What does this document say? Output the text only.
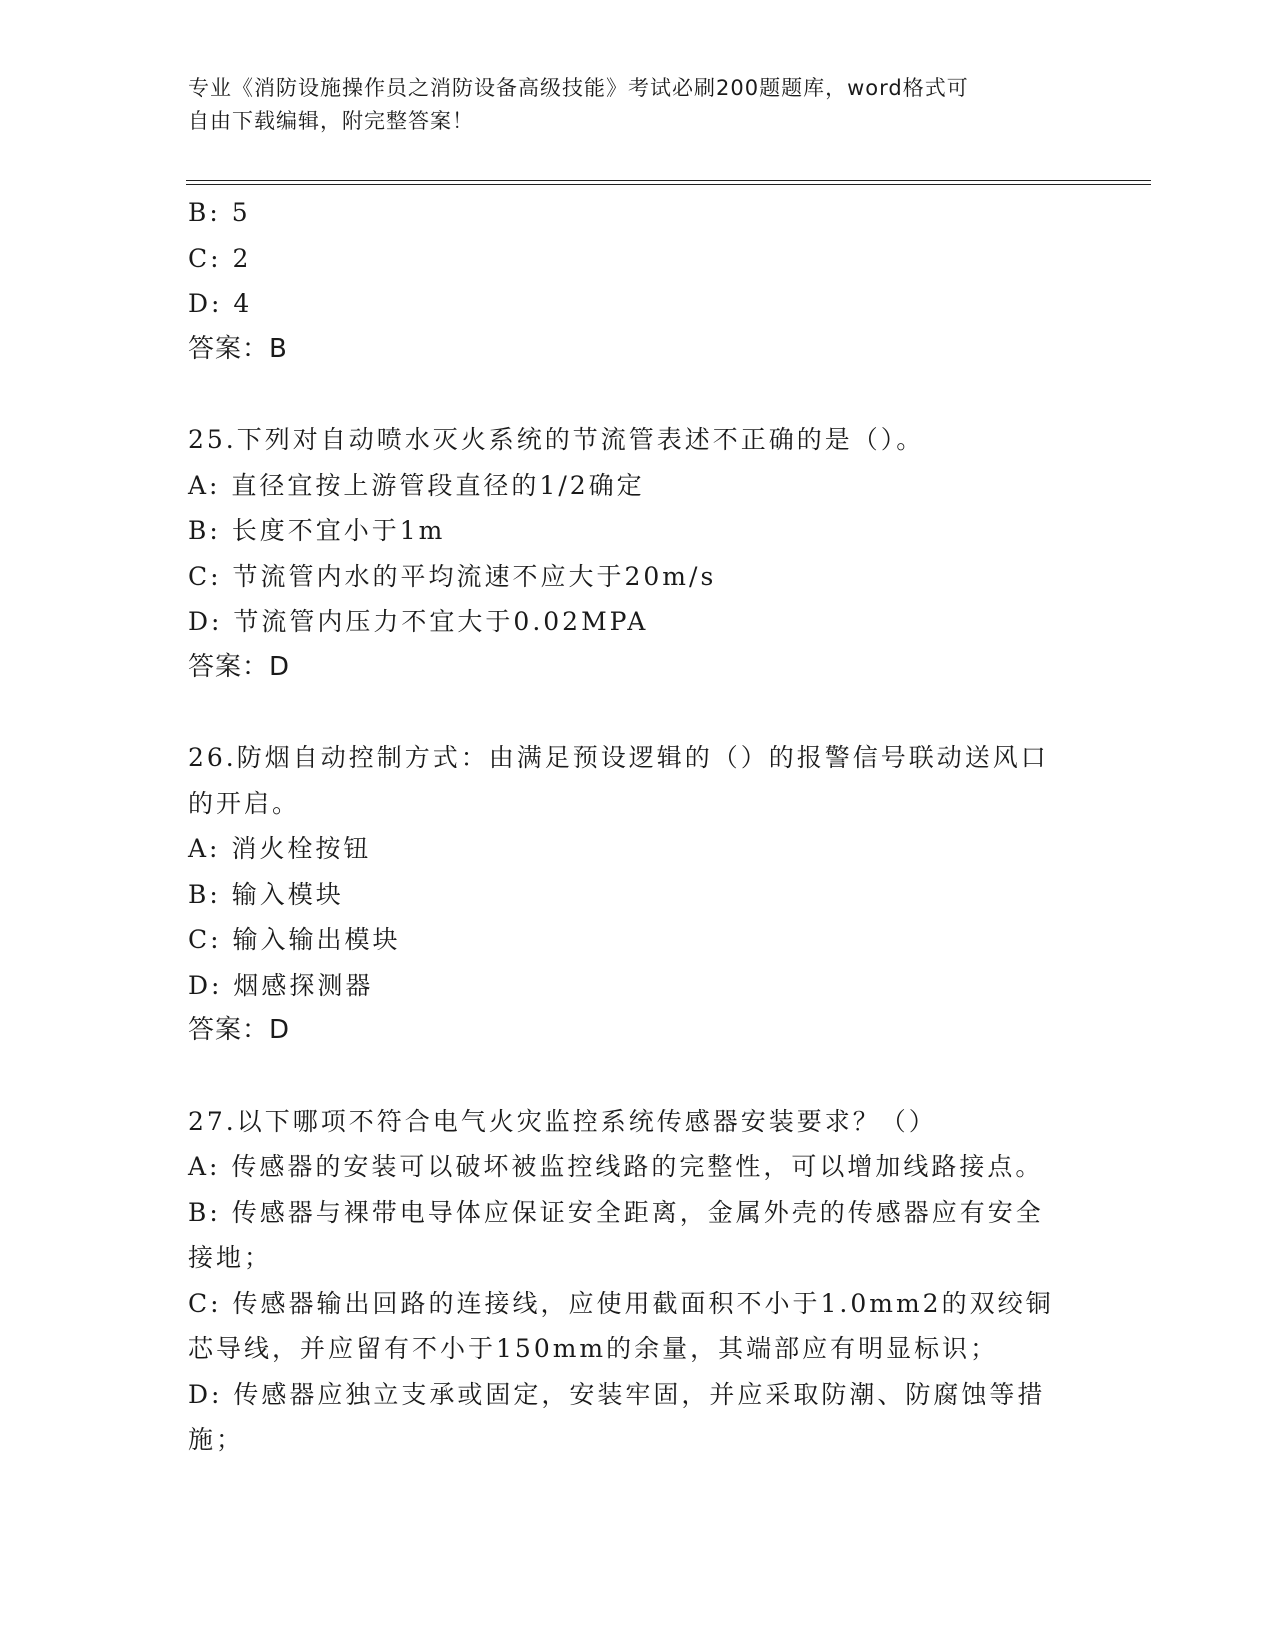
专业《消防设施操作员之消防设备高级技能》考试必刷200题题库，word格式可
自由下载编辑，附完整答案！

B: 5

C: 2

D: 4

答案：B

25.下列对自动喷水灭火系统的节流管表述不正确的是（）。

A: 直径宜按上游管段直径的1/2确定

B: 长度不宜小于1m

C: 节流管内水的平均流速不应大于20m/s

D: 节流管内压力不宜大于0.02MPA

答案：D

26.防烟自动控制方式：由满足预设逻辑的（）的报警信号联动送风口

的开启。

A: 消火栓按钮

B: 输入模块

C: 输入输出模块

D: 烟感探测器

答案：D

27.以下哪项不符合电气火灾监控系统传感器安装要求？（）

A: 传感器的安装可以破坏被监控线路的完整性，可以增加线路接点。

B: 传感器与裸带电导体应保证安全距离，金属外壳的传感器应有安全

接地；

C: 传感器输出回路的连接线，应使用截面积不小于1.0mm2的双绞铜

芯导线，并应留有不小于150mm的余量，其端部应有明显标识；

D: 传感器应独立支承或固定，安装牢固，并应采取防潮、防腐蚀等措

施；
